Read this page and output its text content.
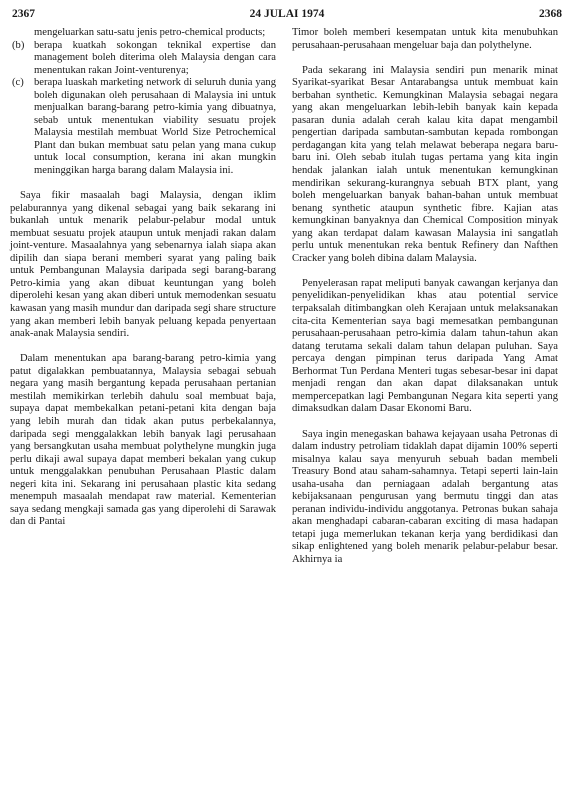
2367	24 JULAI 1974	2368

mengeluarkan satu-satu jenis petro-chemical products;

(b) berapa kuatkah sokongan teknikal expertise dan management boleh diterima oleh Malaysia dengan cara menentukan rakan Joint-venturenya;

(c) berapa luaskah marketing network di seluruh dunia yang boleh digunakan oleh perusahaan di Malaysia ini untuk menjualkan barang-barang petro-kimia yang dibuatnya, sebab untuk menentukan viability sesuatu projek Malaysia mestilah membuat World Size Petrochemical Plant dan bukan membuat satu pelan yang mana cukup untuk local consumption, kerana ini akan mungkin meninggikan harga barang dalam Malaysia ini.

Saya fikir masaalah bagi Malaysia, dengan iklim pelaburannya yang dikenal sebagai yang baik sekarang ini bukanlah untuk menarik pelabur-pelabur modal untuk membuat sesuatu projek ataupun untuk menjadi rakan dalam joint-venture. Masaalahnya yang sebenarnya ialah siapa akan dipilih dan siapa berani memberi syarat yang paling baik untuk Pembangunan Malaysia daripada segi barang-barang Petro-kimia yang akan dibuat keuntungan yang boleh diperolehi kesan yang akan diberi untuk memodenkan sesuatu kawasan yang masih mundur dan daripada segi share structure yang akan memberi lebih banyak peluang kepada penyertaan anak-anak Malaysia sendiri.

Dalam menentukan apa barang-barang petro-kimia yang patut digalakkan pembuatannya, Malaysia sebagai sebuah negara yang masih bergantung kepada perusahaan pertanian mestilah memikirkan terlebih dahulu soal membuat baja, supaya dapat membekalkan petani-petani kita dengan baja yang lebih murah dan tidak akan putus perbekalannya, daripada segi menggalakkan lebih banyak lagi perusahaan yang bersangkutan usaha membuat polythelyne mungkin juga perlu dikaji awal supaya dapat memberi bekalan yang cukup untuk menggalakkan penubuhan Perusahaan Plastic dalam negeri kita ini. Sekarang ini perusahaan plastic kita sedang menempuh masaalah mendapat raw material. Kementerian saya sedang mengkaji samada gas yang diperolehi di Sarawak dan di Pantai

Timor boleh memberi kesempatan untuk kita menubuhkan perusahaan-perusahaan mengeluar baja dan polythelyne.

Pada sekarang ini Malaysia sendiri pun menarik minat Syarikat-syarikat Besar Antarabangsa untuk membuat kain berbahan synthetic. Kemungkinan Malaysia sebagai negara yang akan mengeluarkan lebih-lebih banyak kain kepada pasaran dunia adalah cerah kalau kita dapat mengambil pengertian daripada sambutan-sambutan kepada rombongan perdagangan kita yang telah melawat beberapa negara baru-baru ini. Oleh sebab itulah tugas pertama yang kita ingin hendak jalankan ialah untuk menentukan kemungkinan mendirikan sekurang-kurangnya sebuah BTX plant, yang boleh mengeluarkan banyak bahan-bahan untuk membuat benang synthetic ataupun synthetic fibre. Kajian atas kemungkinan banyaknya dan Chemical Composition minyak yang akan terdapat dalam kawasan Malaysia ini sangatlah perlu untuk menentukan reka bentuk Refinery dan Nafthen Cracker yang boleh dibina dalam Malaysia.

Penyelerasan rapat meliputi banyak cawangan kerjanya dan penyelidikan-penyelidikan khas atau potential service terpaksalah ditimbangkan oleh Kerajaan untuk melaksanakan cita-cita Kementerian saya bagi memesatkan pembangunan perusahaan-perusahaan petro-kimia dalam tahun-tahun akan datang terutama sekali dalam tahun delapan puluhan. Saya percaya dengan pimpinan terus daripada Yang Amat Berhormat Tun Perdana Menteri tugas sebesar-besar ini dapat menjadi rengan dan akan dapat dilaksanakan untuk mempercepatkan lagi Pembangunan Negara kita seperti yang dimaksudkan dalam Dasar Ekonomi Baru.

Saya ingin menegaskan bahawa kejayaan usaha Petronas di dalam industry petroliam tidaklah dapat dijamin 100% seperti misalnya kalau saya menyuruh sebuah badan membeli Treasury Bond atau saham-sahamnya. Tetapi seperti lain-lain usaha-usaha dan perniagaan adalah bergantung atas kebijaksanaan pengurusan yang bermutu tinggi dan atas peranan individu-individu anggotanya. Petronas bukan sahaja akan menghadapi cabaran-cabaran exciting di masa hadapan tetapi juga memerlukan tekanan kerja yang berdidikasi dan sikap enlightened yang boleh menarik pelabur-pelabur besar. Akhirnya ia
